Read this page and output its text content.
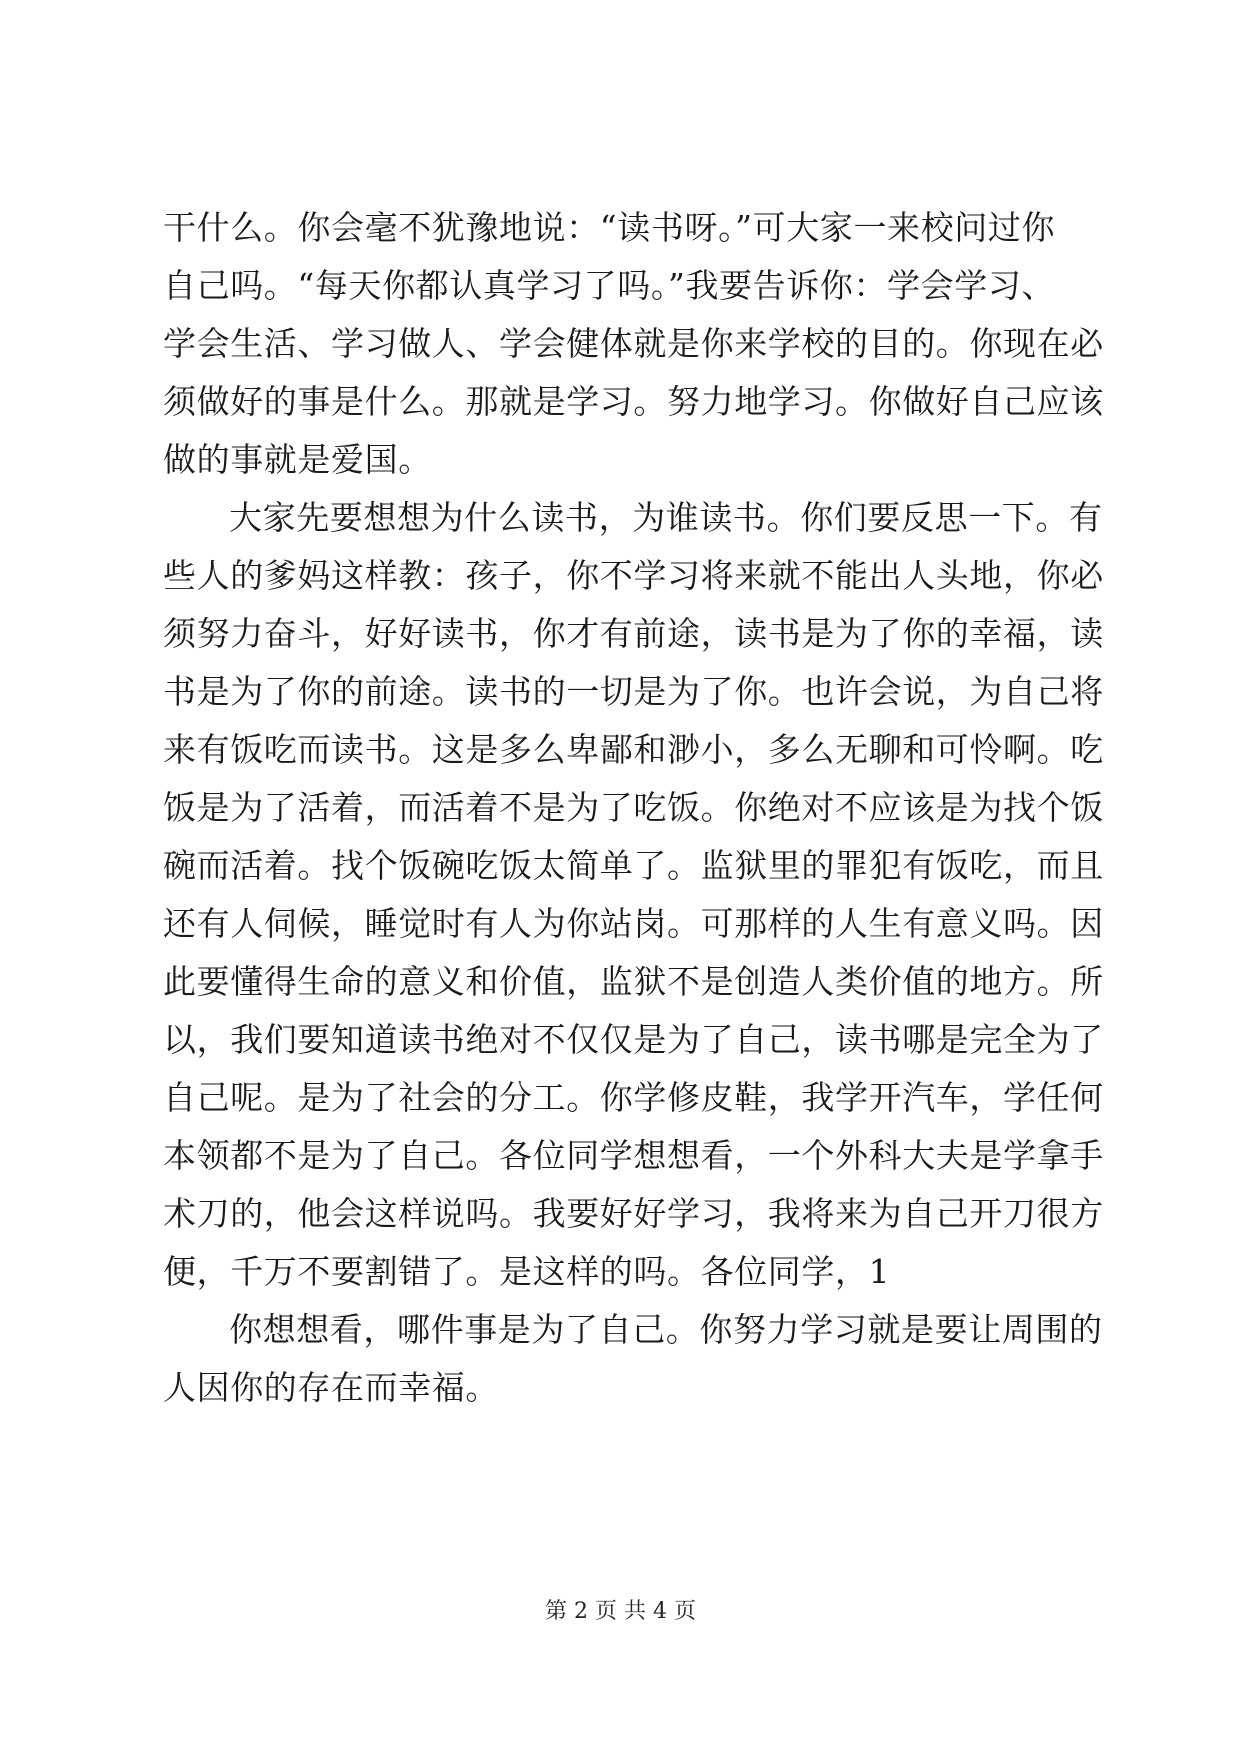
干什么。你会毫不犹豫地说：“读书呀。”可大家一来校问过你
自己吗。“每天你都认真学习了吗。”我要告诉你：学会学习、
学会生活、学习做人、学会健体就是你来学校的目的。你现在必
须做好的事是什么。那就是学习。努力地学习。你做好自己应该
做的事就是爱国。
大家先要想想为什么读书，为谁读书。你们要反思一下。有
些人的爹妈这样教：孩子，你不学习将来就不能出人头地，你必
须努力奋斗，好好读书，你才有前途，读书是为了你的幸福，读
书是为了你的前途。读书的一切是为了你。也许会说，为自己将
来有饭吃而读书。这是多么卑鄙和渺小，多么无聊和可怜啊。吃
饭是为了活着，而活着不是为了吃饭。你绝对不应该是为找个饭
碗而活着。找个饭碗吃饭太简单了。监狱里的罪犯有饭吃，而且
还有人伺候，睡觉时有人为你站岗。可那样的人生有意义吗。因
此要懂得生命的意义和价值，监狱不是创造人类价值的地方。所
以，我们要知道读书绝对不仅仅是为了自己，读书哪是完全为了
自己呢。是为了社会的分工。你学修皮鞋，我学开汽车，学任何
本领都不是为了自己。各位同学想想看，一个外科大夫是学拿手
术刀的，他会这样说吗。我要好好学习，我将来为自己开刀很方
便，千万不要割错了。是这样的吗。各位同学，1
你想想看，哪件事是为了自己。你努力学习就是要让周围的
人因你的存在而幸福。
第 2 页 共 4 页
